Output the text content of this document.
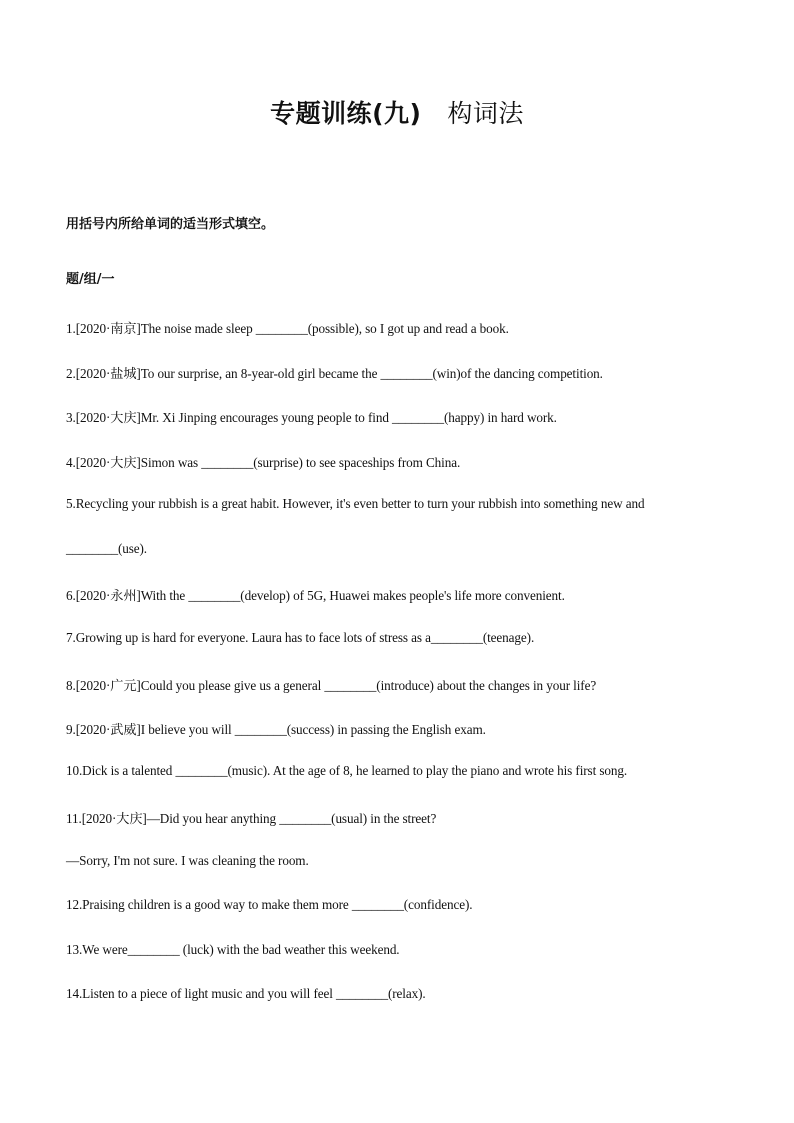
专题训练(九) 构词法
用括号内所给单词的适当形式填空。
题/组/一
1.[2020·南京]The noise made sleep ________(possible), so I got up and read a book.
2.[2020·盐城]To our surprise, an 8-year-old girl became the ________(win)of the dancing competition.
3.[2020·大庆]Mr. Xi Jinping encourages young people to find ________(happy) in hard work.
4.[2020·大庆]Simon was ________(surprise) to see spaceships from China.
5.Recycling your rubbish is a great habit. However, it's even better to turn your rubbish into something new and
________(use).
6.[2020·永州]With the ________(develop) of 5G, Huawei makes people's life more convenient.
7.Growing up is hard for everyone. Laura has to face lots of stress as a________(teenage).
8.[2020·广元]Could you please give us a general ________(introduce) about the changes in your life?
9.[2020·武威]I believe you will ________(success) in passing the English exam.
10.Dick is a talented ________(music). At the age of 8, he learned to play the piano and wrote his first song.
11.[2020·大庆]—Did you hear anything ________(usual) in the street?
—Sorry, I'm not sure. I was cleaning the room.
12.Praising children is a good way to make them more ________(confidence).
13.We were________ (luck) with the bad weather this weekend.
14.Listen to a piece of light music and you will feel ________(relax).
